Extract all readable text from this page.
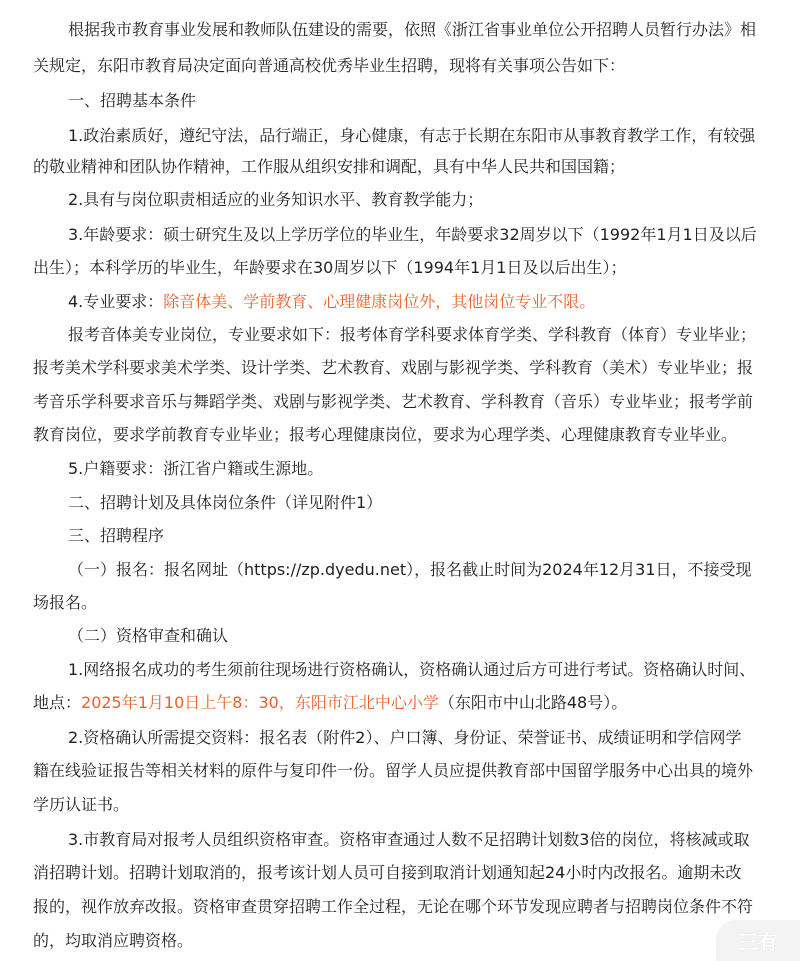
根据我市教育事业发展和教师队伍建设的需要，依照《浙江省事业单位公开招聘人员暂行办法》相
关规定，东阳市教育局决定面向普通高校优秀毕业生招聘，现将有关事项公告如下：
一、招聘基本条件
1.政治素质好，遵纪守法，品行端正，身心健康，有志于长期在东阳市从事教育教学工作，有较强
的敬业精神和团队协作精神，工作服从组织安排和调配，具有中华人民共和国国籍；
2.具有与岗位职责相适应的业务知识水平、教育教学能力；
3.年龄要求：硕士研究生及以上学历学位的毕业生，年龄要求32周岁以下（1992年1月1日及以后
出生）；本科学历的毕业生，年龄要求在30周岁以下（1994年1月1日及以后出生）；
4.专业要求：除音体美、学前教育、心理健康岗位外，其他岗位专业不限。
报考音体美专业岗位，专业要求如下：报考体育学科要求体育学类、学科教育（体育）专业毕业；
报考美术学科要求美术学类、设计学类、艺术教育、戏剧与影视学类、学科教育（美术）专业毕业；报
考音乐学科要求音乐与舞蹈学类、戏剧与影视学类、艺术教育、学科教育（音乐）专业毕业；报考学前
教育岗位，要求学前教育专业毕业；报考心理健康岗位，要求为心理学类、心理健康教育专业毕业。
5.户籍要求：浙江省户籍或生源地。
二、招聘计划及具体岗位条件（详见附件1）
三、招聘程序
（一）报名：报名网址（https://zp.dyedu.net），报名截止时间为2024年12月31日，不接受现
场报名。
（二）资格审查和确认
1.网络报名成功的考生须前往现场进行资格确认，资格确认通过后方可进行考试。资格确认时间、
地点：2025年1月10日上午8：30，东阳市江北中心小学（东阳市中山北路48号）。
2.资格确认所需提交资料：报名表（附件2）、户口簿、身份证、荣誉证书、成绩证明和学信网学
籍在线验证报告等相关材料的原件与复印件一份。留学人员应提供教育部中国留学服务中心出具的境外
学历认证书。
3.市教育局对报考人员组织资格审查。资格审查通过人数不足招聘计划数3倍的岗位，将核减或取
消招聘计划。招聘计划取消的，报考该计划人员可自接到取消计划通知起24小时内改报名。逾期未改
报的，视作放弃改报。资格审查贯穿招聘工作全过程，无论在哪个环节发现应聘者与招聘岗位条件不符
的，均取消应聘资格。	三有
